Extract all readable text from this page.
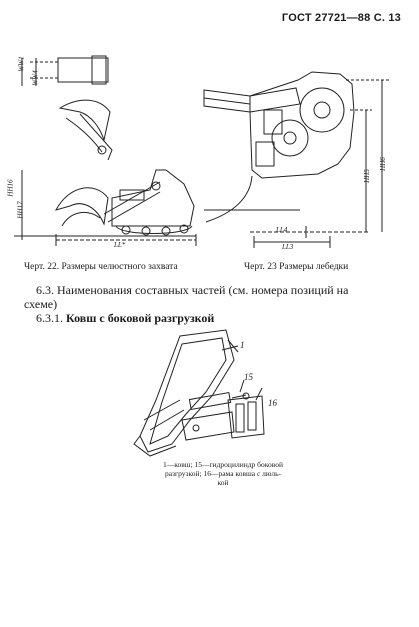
ГОСТ 27721—88 С. 13
WW1
WW4
HH16
HH17
LL*
HH6
HH5
LL4
LL3
Черт. 22. Размеры челюстного захвата	Черт. 23 Размеры лебедки
6.3. Наименования составных частей (см. номера позиций на
схеме)
6.3.1. Ковш с боковой разгрузкой
1
15
16
1—ковш; 15—гидроцилиндр боковой
разгрузкой; 16—рама ковша с люль-
кой
